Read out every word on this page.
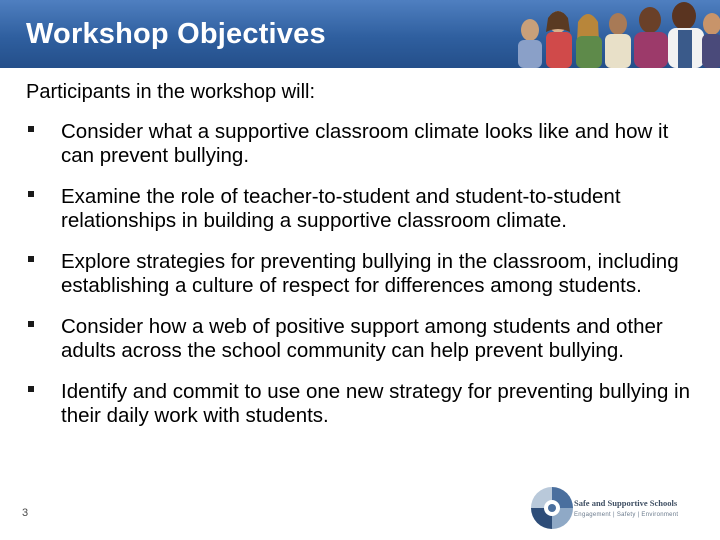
Workshop Objectives

Participants in the workshop will:

Consider what a supportive classroom climate looks like and how it can prevent bullying.
Examine the role of teacher-to-student and student-to-student relationships in building a supportive classroom climate.
Explore strategies for preventing bullying in the classroom, including establishing a culture of respect for differences among students.
Consider how a web of positive support among students and other adults across the school community can help prevent bullying.
Identify and commit to use one new strategy for preventing bullying in their daily work with students.
3
Safe and Supportive Schools
Engagement | Safety | Environment
